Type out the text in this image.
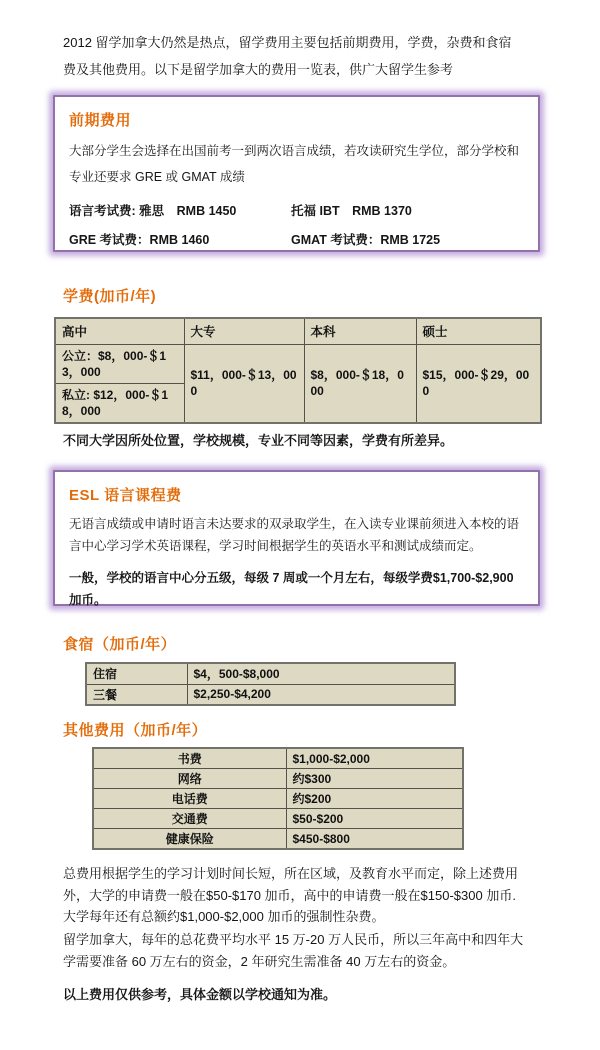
2012 留学加拿大仍然是热点，留学费用主要包括前期费用，学费，杂费和食宿费及其他费用。以下是留学加拿大的费用一览表，供广大留学生参考
前期费用
大部分学生会选择在出国前考一到两次语言成绩，若攻读研究生学位，部分学校和专业还要求 GRE 或 GMAT 成绩
语言考试费: 雅思　RMB 1450	托福 IBT　RMB 1370
GRE 考试费：RMB 1460	GMAT 考试费：RMB 1725
学费(加币/年)
高中	大专	本科	硕士
公立：$8，000-＄13，000	$11，000-＄13，000	$8，000-＄18，000	$15，000-＄29，000
私立: $12，000-＄18，000			
不同大学因所处位置，学校规模，专业不同等因素，学费有所差异。
ESL 语言课程费
无语言成绩或申请时语言未达要求的双录取学生，在入读专业课前须进入本校的语言中心学习学术英语课程，学习时间根据学生的英语水平和测试成绩而定。
一般，学校的语言中心分五级，每级 7 周或一个月左右，每级学费$1,700-$2,900 加币。
食宿（加币/年）
住宿	$4，500-$8,000
三餐	$2,250-$4,200
其他费用（加币/年）
书费	$1,000-$2,000
网络	约$300
电话费	约$200
交通费	$50-$200
健康保险	$450-$800
总费用根据学生的学习计划时间长短，所在区域，及教育水平而定，除上述费用外，大学的申请费一般在$50-$170 加币，高中的申请费一般在$150-$300 加币. 大学每年还有总额约$1,000-$2,000 加币的强制性杂费。
留学加拿大，每年的总花费平均水平 15 万-20 万人民币，所以三年高中和四年大学需要准备 60 万左右的资金，2 年研究生需准备 40 万左右的资金。
以上费用仅供参考，具体金额以学校通知为准。
